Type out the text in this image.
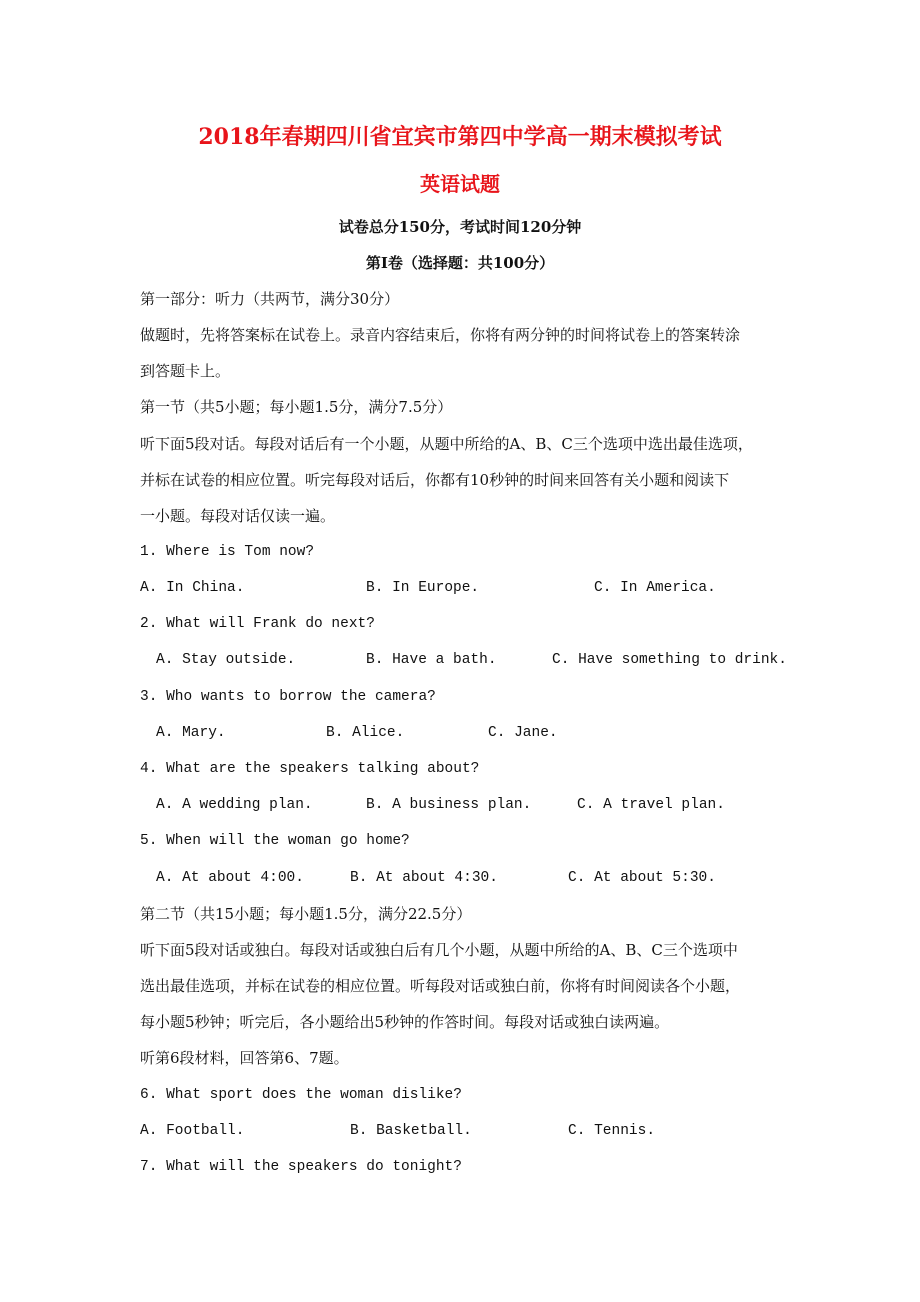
2018年春期四川省宜宾市第四中学高一期末模拟考试
英语试题
试卷总分150分，考试时间120分钟
第I卷（选择题：共100分）
第一部分：听力（共两节，满分30分）
做题时，先将答案标在试卷上。录音内容结束后，你将有两分钟的时间将试卷上的答案转涂
到答题卡上。
第一节（共5小题；每小题1.5分，满分7.5分）
听下面5段对话。每段对话后有一个小题，从题中所给的A、B、C三个选项中选出最佳选项，
并标在试卷的相应位置。听完每段对话后，你都有10秒钟的时间来回答有关小题和阅读下
一小题。每段对话仅读一遍。
1. Where is Tom now?
A. In China.	B. In Europe.	C. In America.
2. What will Frank do next?
A. Stay outside.	B. Have a bath.	C. Have something to drink.
3. Who wants to borrow the camera?
A. Mary.	B. Alice.	C. Jane.
4. What are the speakers talking about?
A. A wedding plan.	B. A business plan.	C. A travel plan.
5. When will the woman go home?
A. At about 4:00.	B. At about 4:30.	C. At about 5:30.
第二节（共15小题；每小题1.5分，满分22.5分）
听下面5段对话或独白。每段对话或独白后有几个小题，从题中所给的A、B、C三个选项中
选出最佳选项，并标在试卷的相应位置。听每段对话或独白前，你将有时间阅读各个小题，
每小题5秒钟；听完后，各小题给出5秒钟的作答时间。每段对话或独白读两遍。
听第6段材料，回答第6、7题。
6. What sport does the woman dislike?
A. Football.	B. Basketball.	C. Tennis.
7. What will the speakers do tonight?
